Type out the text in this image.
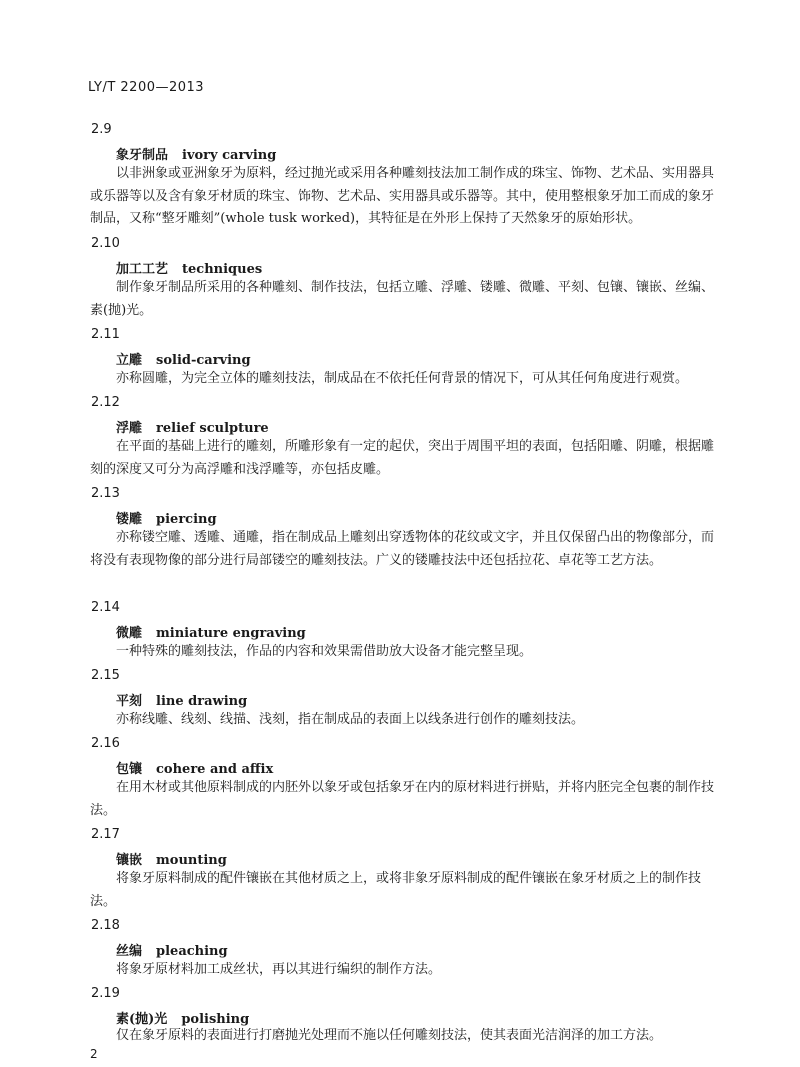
LY/T 2200—2013
2.9
象牙制品 ivory carving

以非洲象或亚洲象牙为原料，经过抛光或采用各种雕刻技法加工制作成的珠宝、饰物、艺术品、实用器具或乐器等以及含有象牙材质的珠宝、饰物、艺术品、实用器具或乐器等。其中，使用整根象牙加工而成的象牙制品，又称“整牙雕刻”(whole tusk worked)，其特征是在外形上保持了天然象牙的原始形状。

2.10
加工工艺 techniques

制作象牙制品所采用的各种雕刻、制作技法，包括立雕、浮雕、镂雕、微雕、平刻、包镶、镶嵌、丝编、素(抛)光。

2.11
立雕 solid-carving

亦称圆雕，为完全立体的雕刻技法，制成品在不依托任何背景的情况下，可从其任何角度进行观赏。

2.12
浮雕 relief sculpture

在平面的基础上进行的雕刻，所雕形象有一定的起伏，突出于周围平坦的表面，包括阳雕、阴雕，根据雕刻的深度又可分为高浮雕和浅浮雕等，亦包括皮雕。

2.13
镂雕 piercing

亦称镂空雕、透雕、通雕，指在制成品上雕刻出穿透物体的花纹或文字，并且仅保留凸出的物像部分，而将没有表现物像的部分进行局部镂空的雕刻技法。广义的镂雕技法中还包括拉花、卓花等工艺方法。

2.14
微雕 miniature engraving

一种特殊的雕刻技法，作品的内容和效果需借助放大设备才能完整呈现。

2.15
平刻 line drawing

亦称线雕、线刻、线描、浅刻，指在制成品的表面上以线条进行创作的雕刻技法。

2.16
包镶 cohere and affix

在用木材或其他原料制成的内胚外以象牙或包括象牙在内的原材料进行拼贴，并将内胚完全包裹的制作技法。

2.17
镶嵌 mounting

将象牙原料制成的配件镶嵌在其他材质之上，或将非象牙原料制成的配件镶嵌在象牙材质之上的制作技法。

2.18
丝编 pleaching

将象牙原材料加工成丝状，再以其进行编织的制作方法。

2.19
素(抛)光 polishing

仅在象牙原料的表面进行打磨抛光处理而不施以任何雕刻技法，使其表面光洁润泽的加工方法。

2
